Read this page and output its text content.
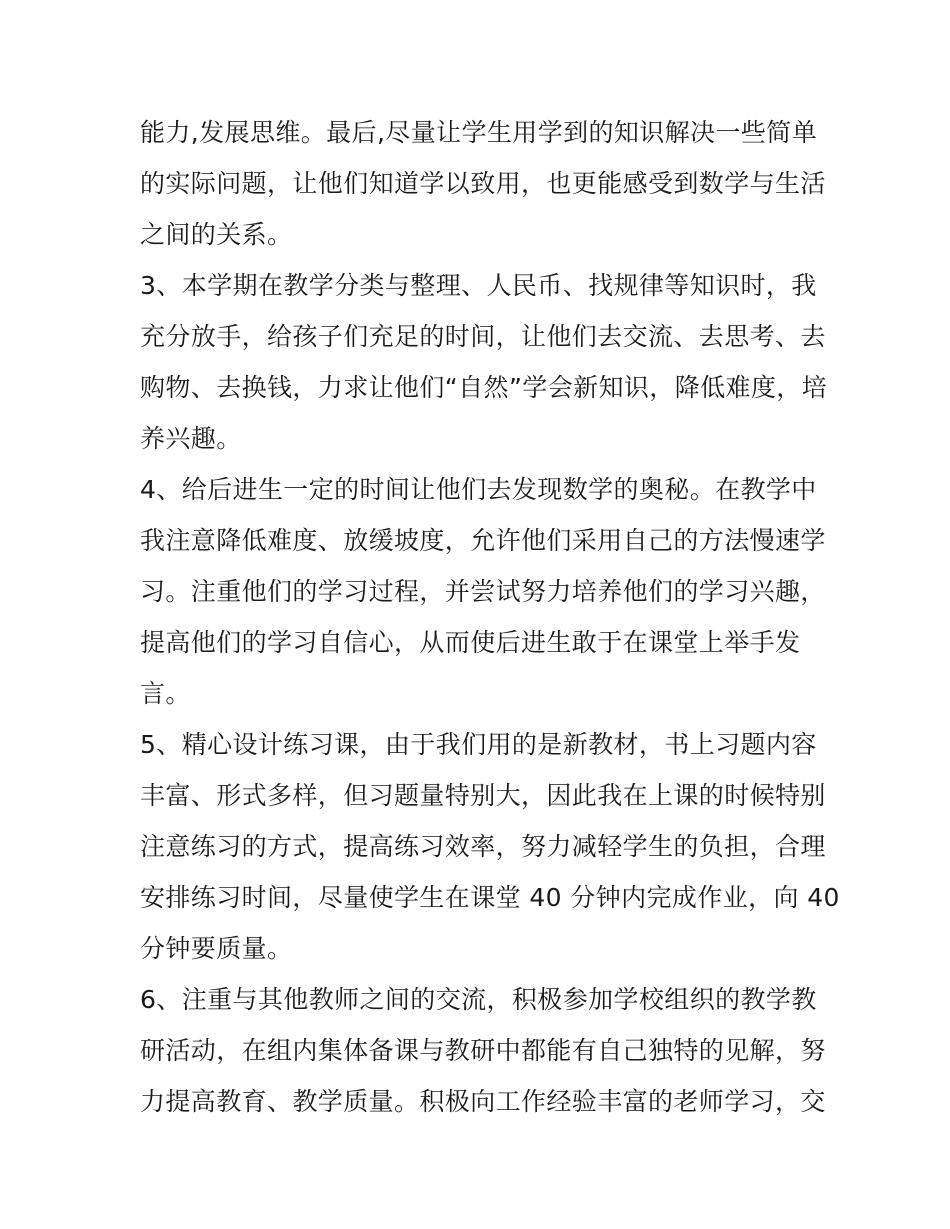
能力,发展思维。最后,尽量让学生用学到的知识解决一些简单
的实际问题，让他们知道学以致用，也更能感受到数学与生活
之间的关系。
3、本学期在教学分类与整理、人民币、找规律等知识时，我
充分放手，给孩子们充足的时间，让他们去交流、去思考、去
购物、去换钱，力求让他们“自然”学会新知识，降低难度，培
养兴趣。
4、给后进生一定的时间让他们去发现数学的奥秘。在教学中
我注意降低难度、放缓坡度，允许他们采用自己的方法慢速学
习。注重他们的学习过程，并尝试努力培养他们的学习兴趣，
提高他们的学习自信心，从而使后进生敢于在课堂上举手发
言。
5、精心设计练习课，由于我们用的是新教材，书上习题内容
丰富、形式多样，但习题量特别大，因此我在上课的时候特别
注意练习的方式，提高练习效率，努力减轻学生的负担，合理
安排练习时间，尽量使学生在课堂 40 分钟内完成作业，向 40
分钟要质量。
6、注重与其他教师之间的交流，积极参加学校组织的教学教
研活动，在组内集体备课与教研中都能有自己独特的见解，努
力提高教育、教学质量。积极向工作经验丰富的老师学习，交
